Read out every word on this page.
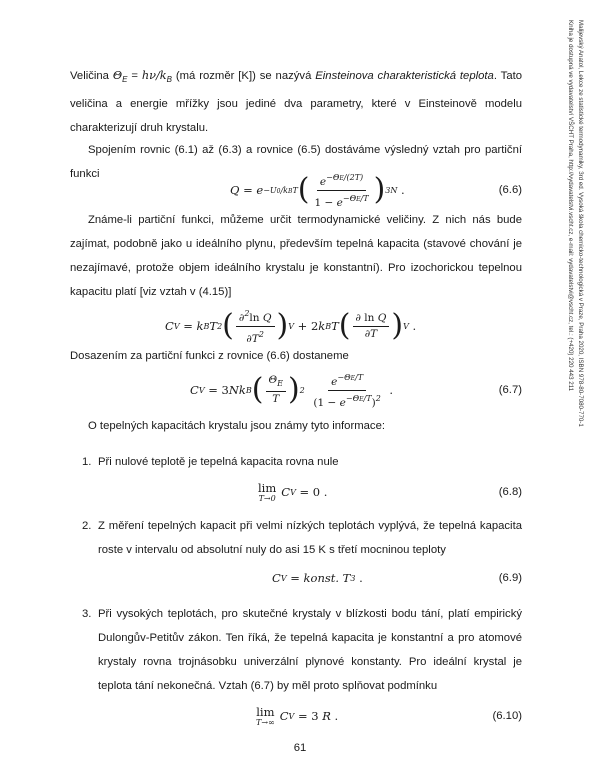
Veličina $\Theta_E = h\nu/k_B$ (má rozměr [K]) se nazývá Einsteinova charakteristická teplota. Tato veličina a energie mřížky jsou jediné dva parametry, které v Einsteinově modelu charakterizují druh krystalu.
Spojením rovnic (6.1) až (6.3) a rovnice (6.5) dostáváme výsledný vztah pro partiční funkci
Q = e −U0/kBT ( $\frac{e^{-\Theta E/(2T)}}{1 - e^{-\Theta E/T}}$ ) 3N .	(6.6)
Známe-li partiční funkci, můžeme určit termodynamické veličiny. Z nich nás bude zajímat, podobně jako u ideálního plynu, především tepelná kapacita (stavové chování je nezajímavé, protože objem ideálního krystalu je konstantní). Pro izochorickou tepelnou kapacitu platí [viz vztah v (4.15)]
C V
= k B T 2 ( $\frac{\partial^2\ln Q}{\partial T^2}$ ) V
+ 2 k B T ( $\frac{\text{∂ ln Q}}{\partial T}$ ) V .
Dosazením za partiční funkci z rovnice (6.6) dostaneme
C V
= 3 Nk B ( $\frac{\Theta_E}{T}$ ) 2
$\frac{e^{-\Theta E/T}}{(1 - e^{-\Theta E/T})^2}$ .	(6.7)
O tepelných kapacitách krystalu jsou známy tyto informace:
1. Při nulové teplotě je tepelná kapacita rovna nule
lim
T→0 C V
= 0 .	(6.8)
2. Z měření tepelných kapacit při velmi nízkých teplotách vyplývá, že tepelná kapacita roste v intervalu od absolutní nuly do asi 15 K s třetí mocninou teploty
C V
=
konst. T 3 .	(6.9)
3. Při vysokých teplotách, pro skutečné krystaly v blízkosti bodu tání, platí empirický Dulongův-Petitův zákon. Ten říká, že tepelná kapacita je konstantní a pro atomové krystaly rovna trojnásobku univerzální plynové konstanty. Pro ideální krystal je teplota tání nekonečná. Vztah (6.7) by měl proto splňovat podmínku
lim
T→∞ C V
= 3 R .	(6.10)
61
Malijevský Anatol, Lekce ze statistické termodynamiky, 3rd ed. Vysoká škola chemicko-technologická v Praze, Praha 2020, ISBN 978-80-7080-770-1
Kniha je dostupná ve vydavatelství VŠCHT Praha, http://vydavatelstvi.vscht.cz, e-mail: vydavatelstvi@vscht.cz, tel.: (+420) 220 443 211
